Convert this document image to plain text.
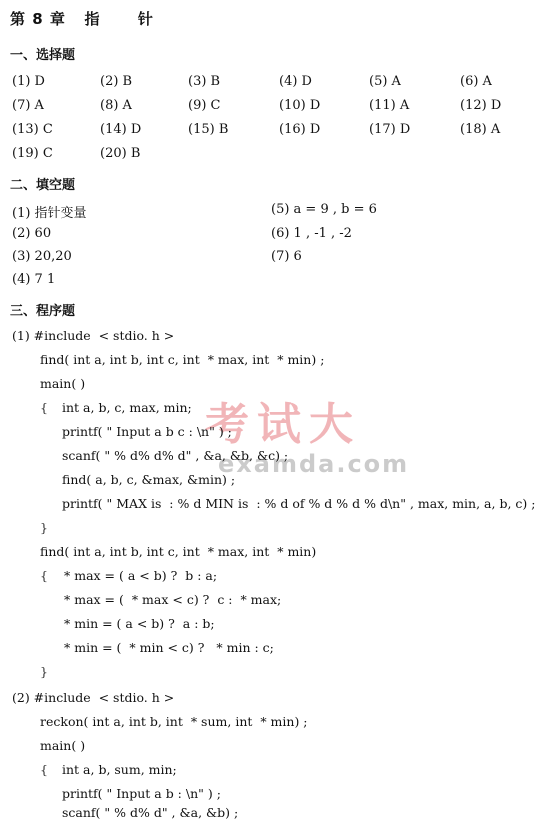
第 8 章   指      针
一、选择题
(1) D	(2) B	(3) B	(4) D	(5) A	(6) A
(7) A	(8) A	(9) C	(10) D	(11) A	(12) D
(13) C	(14) D	(15) B	(16) D	(17) D	(18) A
(19) C	(20) B
二、填空题
(1) 指针变量
(2) 60
(3) 20,20
(4) 7 1
(5) a = 9 , b = 6
(6) 1 , -1 , -2
(7) 6
三、程序题
考试大
examda.com
(1) #include  < stdio. h >
find( int a, int b, int c, int  * max, int  * min) ;
main( )
{ int a, b, c, max, min;
printf( " Input a b c : \n" ) ;
scanf( " % d% d% d" , &a, &b, &c) ;
find( a, b, c, &max, &min) ;
printf( " MAX is  : % d MIN is  : % d of % d % d % d\n" , max, min, a, b, c) ;
}
find( int a, int b, int c, int  * max, int  * min)
{ * max = ( a < b) ?  b : a;
* max = (  * max < c) ?  c :  * max;
* min = ( a < b) ?  a : b;
* min = (  * min < c) ?   * min : c;
}
(2) #include  < stdio. h >
reckon( int a, int b, int  * sum, int  * min) ;
main( )
{ int a, b, sum, min;
printf( " Input a b : \n" ) ;
scanf( " % d% d" , &a, &b) ;
